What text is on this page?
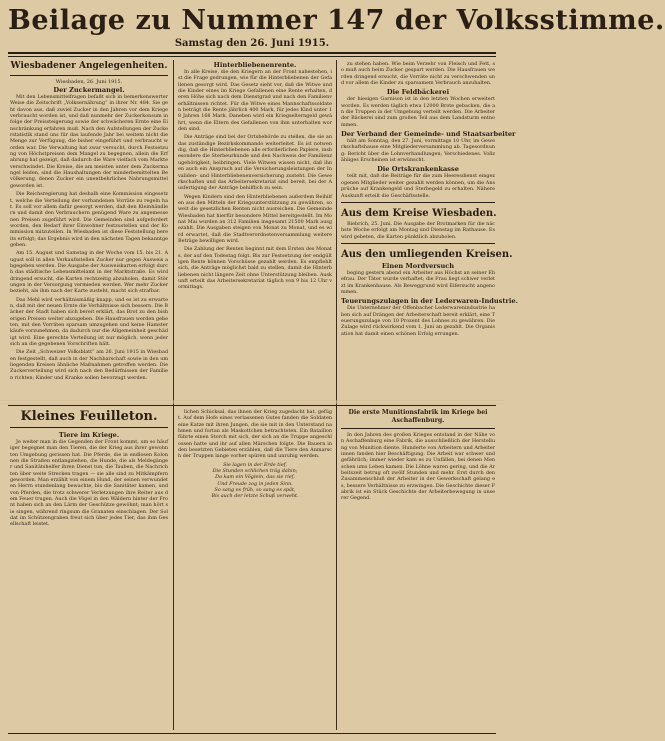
Beilage zu Nummer 147 der Volksstimme.
Samstag den 26. Juni 1915.
Wiesbadener Angelegenheiten.
Wiesbaden, 26. Juni 1915.
Der Zuckermangel.

Mit den Lebensmittelfragen befaßt sich in bemerkenswerter Weise die Zeitschrift „Volksernährung“ in ihrer Nr. 484. Sie geht davon aus, daß zuviel Zucker in den Jahren vor dem Kriege verbraucht worden ist, und daß nunmehr der Zuckerkonsum infolge der Preissteigerung sowie der schwächeren Ernte eine Einschränkung erfahren muß. Nach den Aufstellungen der Zuckerstatistik stand uns für das laufende Jahr bei weitem nicht die Menge zur Verfügung, die bisher eingeführt und verbraucht worden war. Die Verwaltung hat zwar versucht, durch Festsetzung von Höchstpreisen dem Mangel zu begegnen, allein die Erfahrung hat gezeigt, daß dadurch die Ware vielfach vom Markte verschwindet. Die Kreise, die am meisten unter dem Zuckermangel leiden, sind die Haushaltungen der minderbemittelten Bevölkerung, denen Zucker ein unentbehrliches Nahrungsmittel geworden ist.

Die Reichsregierung hat deshalb eine Kommission eingesetzt, welche die Verteilung der vorhandenen Vorräte zu regeln hat. Es soll vor allem dafür gesorgt werden, daß den Kleinhändlern und damit den Verbrauchern genügend Ware zu angemessenen Preisen zugeführt wird. Die Gemeinden sind aufgefordert worden, den Bedarf ihrer Einwohner festzustellen und der Kommission mitzuteilen. In Wiesbaden ist diese Feststellung bereits erfolgt; das Ergebnis wird in den nächsten Tagen bekanntgegeben.

Am 15. August und Samstag in der Woche vom 15. bis 21. August soll in allen Verkaufsstellen Zucker nur gegen Ausweis abgegeben werden. Die Ausgabe der Ausweiskarten erfolgt durch das städtische Lebensmittelamt in der Marktstraße. Es wird dringend ersucht, die Karten rechtzeitig abzuholen, damit Störungen in der Versorgung vermieden werden. Wer mehr Zucker bezieht, als ihm nach der Karte zusteht, macht sich strafbar.

Das Mehl wird verhältnismäßig knapp, und es ist zu erwarten, daß mit der neuen Ernte die Verhältnisse sich bessern. Die Bäcker der Stadt haben sich bereit erklärt, das Brot zu den bisherigen Preisen weiter abzugeben. Die Hausfrauen werden gebeten, mit den Vorräten sparsam umzugehen und keine Hamsterkäufe vorzunehmen, da dadurch nur die Allgemeinheit geschädigt wird. Eine gerechte Verteilung ist nur möglich, wenn jeder sich an die gegebenen Vorschriften hält.

Die Zeit „Schweizer Volksblatt“ am 26. Juni 1915 in Wiesbaden festgestellt, daß auch in der Nachbarschaft sowie in den umliegenden Kreisen ähnliche Maßnahmen getroffen werden. Die Zuckerverteilung wird sich nach den Bedürfnissen der Familien richten; Kinder und Kranke sollen bevorzugt werden.

Hinterbliebenenrente.

In alle Kreise, die den Kriegern an der Front nahestehen, ist die Frage gedrungen, wie für die Hinterbliebenen der Gefallenen gesorgt wird. Das Gesetz sieht vor, daß die Witwe und die Kinder eines im Kriege Gefallenen eine Rente erhalten, deren Höhe sich nach dem Dienstgrad und nach den Familienverhältnissen richtet. Für die Witwe eines Mannschaftssoldaten beträgt die Rente jährlich 400 Mark, für jedes Kind unter 18 Jahren 168 Mark. Daneben wird ein Kriegselterngeld gewährt, wenn die Eltern des Gefallenen von ihm unterhalten worden sind.

Die Anträge sind bei der Ortsbehörde zu stellen, die sie an das zuständige Bezirkskommando weiterleitet. Es ist notwendig, daß die Hinterbliebenen alle erforderlichen Papiere, insbesondere die Sterbeurkunde und den Nachweis der Familienzugehörigkeit, beibringen. Viele Witwen wissen nicht, daß ihnen auch ein Anspruch auf die Versicherungsleistungen der Invaliden- und Hinterbliebenenversicherung zusteht. Die Gewerkschaften und das Arbeitersekretariat sind bereit, bei der Ausfertigung der Anträge behilflich zu sein.

Wegen Kindern sind den Hinterbliebenen außerdem Beihilfen aus den Mitteln der Kriegsunterstützung zu gewähren, soweit die gesetzlichen Renten nicht ausreichen. Die Gemeinde Wiesbaden hat hierfür besondere Mittel bereitgestellt. Im Monat Mai wurden an 312 Familien insgesamt 21500 Mark ausgezahlt. Die Ausgaben steigen von Monat zu Monat, und es wird erwartet, daß die Stadtverordnetenversammlung weitere Beträge bewilligen wird.

Die Zahlung der Renten beginnt mit dem Ersten des Monats, der auf den Todestag folgt. Bis zur Festsetzung der endgültigen Rente können Vorschüsse gezahlt werden. Es empfiehlt sich, die Anträge möglichst bald zu stellen, damit die Hinterbliebenen nicht längere Zeit ohne Unterstützung bleiben. Auskunft erteilt das Arbeitersekretariat täglich von 9 bis 12 Uhr vormittags.

zu stehen haben. Wie beim Verzehr von Fleisch und Fett, so muß auch beim Zucker gespart werden. Die Hausfrauen werden dringend ersucht, die Vorräte nicht zu verschwenden und vor allem die Kinder zu sparsamem Verbrauch anzuhalten.

Die Feldbäckerei

der hiesigen Garnison ist in den letzten Wochen erweitert worden. Es werden täglich etwa 12000 Brote gebacken, die an die Truppen in der Umgebung verteilt werden. Die Arbeiter der Bäckerei sind zum großen Teil aus dem Landsturm entnommen.

Der Verband der Gemeinde- und Staatsarbeiter

hält am Sonntag, den 27. Juni, vormittags 10 Uhr, im Gewerkschaftshause eine Mitgliederversammlung ab. Tagesordnung: Bericht über die Lohnverhandlungen; Verschiedenes. Vollzähliges Erscheinen ist erwünscht.

Die Ortskrankenkasse

teilt mit, daß die Beiträge für die zum Heeresdienst eingezogenen Mitglieder weiter gezahlt werden können, um die Ansprüche auf Krankengeld und Sterbegeld zu erhalten. Nähere Auskunft erteilt die Geschäftsstelle.

Aus dem Kreise Wiesbaden.

Biebrich, 25. Juni. Die Ausgabe der Brotmarken für die nächste Woche erfolgt am Montag und Dienstag im Rathause. Es wird gebeten, die Karten pünktlich abzuholen.

Aus den umliegenden Kreisen.
Einen Mordversuch

beging gestern abend ein Arbeiter aus Höchst an seiner Ehefrau. Der Täter wurde verhaftet; die Frau liegt schwer verletzt im Krankenhause. Als Beweggrund wird Eifersucht angenommen.

Teuerungszulagen in der Lederwaren-Industrie.

Die Unternehmer der Offenbacher Lederwarenindustrie haben sich auf Drängen der Arbeiterschaft bereit erklärt, eine Teuerungszulage von 10 Prozent des Lohnes zu gewähren. Die Zulage wird rückwirkend vom 1. Juni an gezahlt. Die Organisation hat damit einen schönen Erfolg errungen.

Kleines Feuilleton.
Tiere im Kriege.

Je weiter man in die Gegenden der Front kommt, um so häufiger begegnet man den Tieren, die der Krieg aus ihrer gewohnten Umgebung gerissen hat. Die Pferde, die in endlosen Kolonnen die Straßen entlangziehen, die Hunde, die als Meldegänger und Sanitätshelfer ihren Dienst tun, die Tauben, die Nachrichten über weite Strecken tragen — sie alle sind zu Mitkämpfern geworden. Man erzählt von einem Hund, der seinen verwundeten Herrn stundenlang bewachte, bis die Sanitäter kamen, und von Pferden, die trotz schwerer Verletzungen ihre Reiter aus dem Feuer trugen. Auch die Vögel in den Wäldern hinter der Front haben sich an den Lärm der Geschütze gewöhnt; man hört sie singen, während ringsum die Granaten einschlagen. Der Soldat im Schützengraben freut sich über jedes Tier, das ihm Gesellschaft leistet.

lichen Schicksal, das ihnen der Krieg zugedacht hat, gefügt. Auf dem Hofe eines verlassenen Gutes fanden die Soldaten eine Katze mit ihren Jungen, die sie mit in den Unterstand nahmen und fortan als Maskottchen betrachteten. Ein Bataillon führte einen Storch mit sich, der sich an die Truppe angeschlossen hatte und ihr auf allen Märschen folgte. Die Bauern in den besetzten Gebieten erzählen, daß die Tiere den Anmarsch der Truppen lange vorher spüren und unruhig werden.

Sie lagen in der Erde tief,
Die Stunden schlichen träg dahin;
Da kam ein Vöglein, das sie rief,
Und Freude zog in jeden Sinn.
So sang es früh, so sang es spät,
Bis auch der letzte Schuß verweht.
Die erste Munitionsfabrik im Kriege bei Aschaffenburg.

In den Jahren des großen Krieges entstand in der Nähe von Aschaffenburg eine Fabrik, die ausschließlich der Herstellung von Munition diente. Hunderte von Arbeitern und Arbeiterinnen fanden hier Beschäftigung. Die Arbeit war schwer und gefährlich; immer wieder kam es zu Unfällen, bei denen Menschen ums Leben kamen. Die Löhne waren gering, und die Arbeitszeit betrug oft zwölf Stunden und mehr. Erst durch den Zusammenschluß der Arbeiter in der Gewerkschaft gelang es, bessere Verhältnisse zu erzwingen. Die Geschichte dieser Fabrik ist ein Stück Geschichte der Arbeiterbewegung in unserer Gegend.
